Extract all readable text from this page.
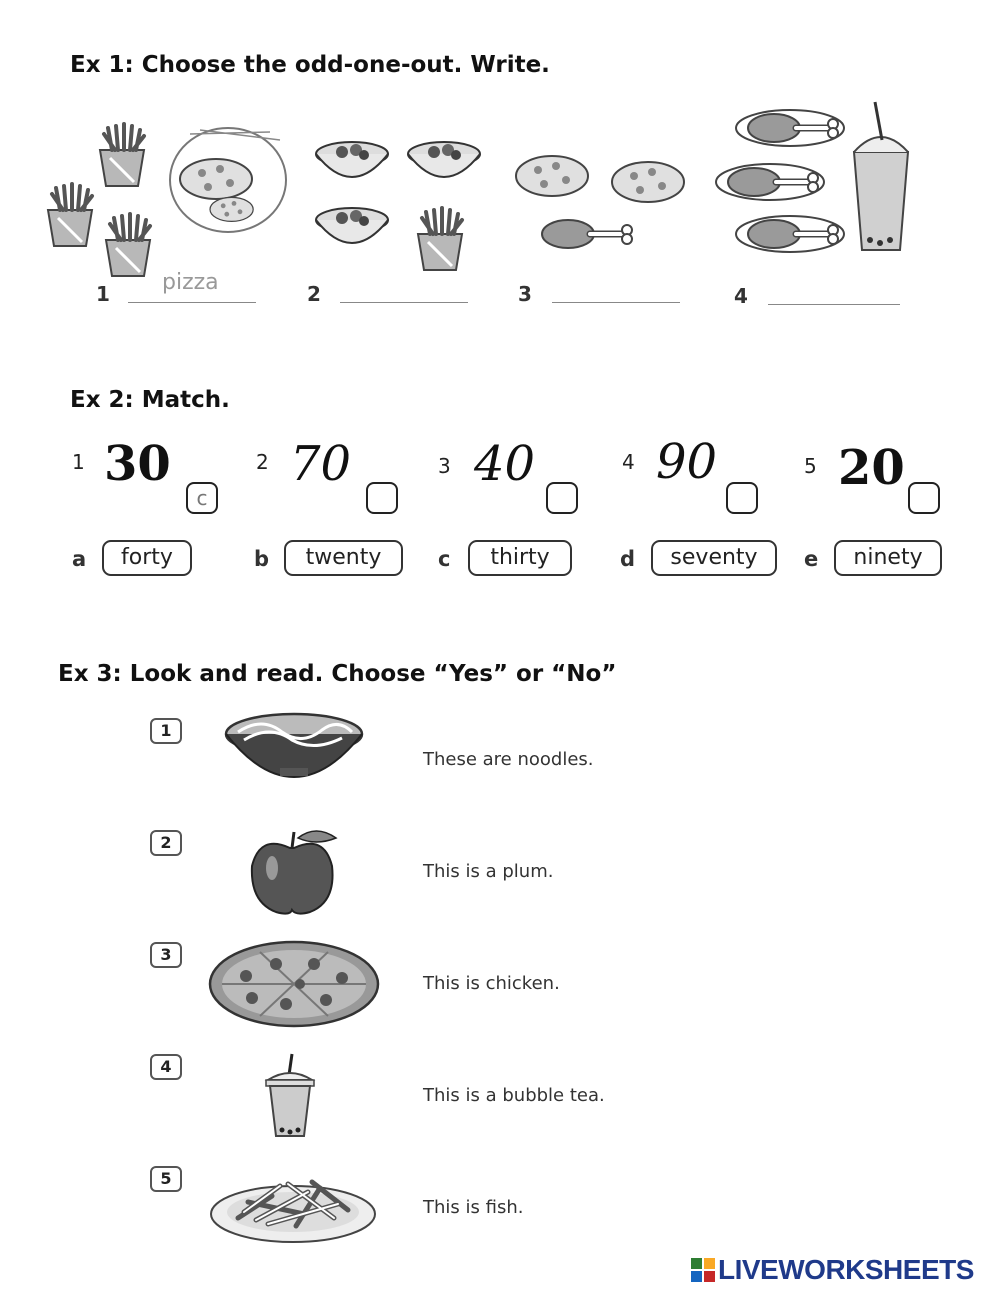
Ex 1: Choose the odd-one-out. Write.
1 pizza	2	3	4
Ex 2: Match.
1 30
c
2 70	3 40	4 90	5 20
a	forty	b	twenty	c	thirty	d	seventy	e	ninety
Ex 3: Look and read. Choose “Yes” or “No”
1
These are noodles.
2
This is a plum.
3
This is chicken.
4
This is a bubble tea.
5
This is fish.
LIVEWORKSHEETS
